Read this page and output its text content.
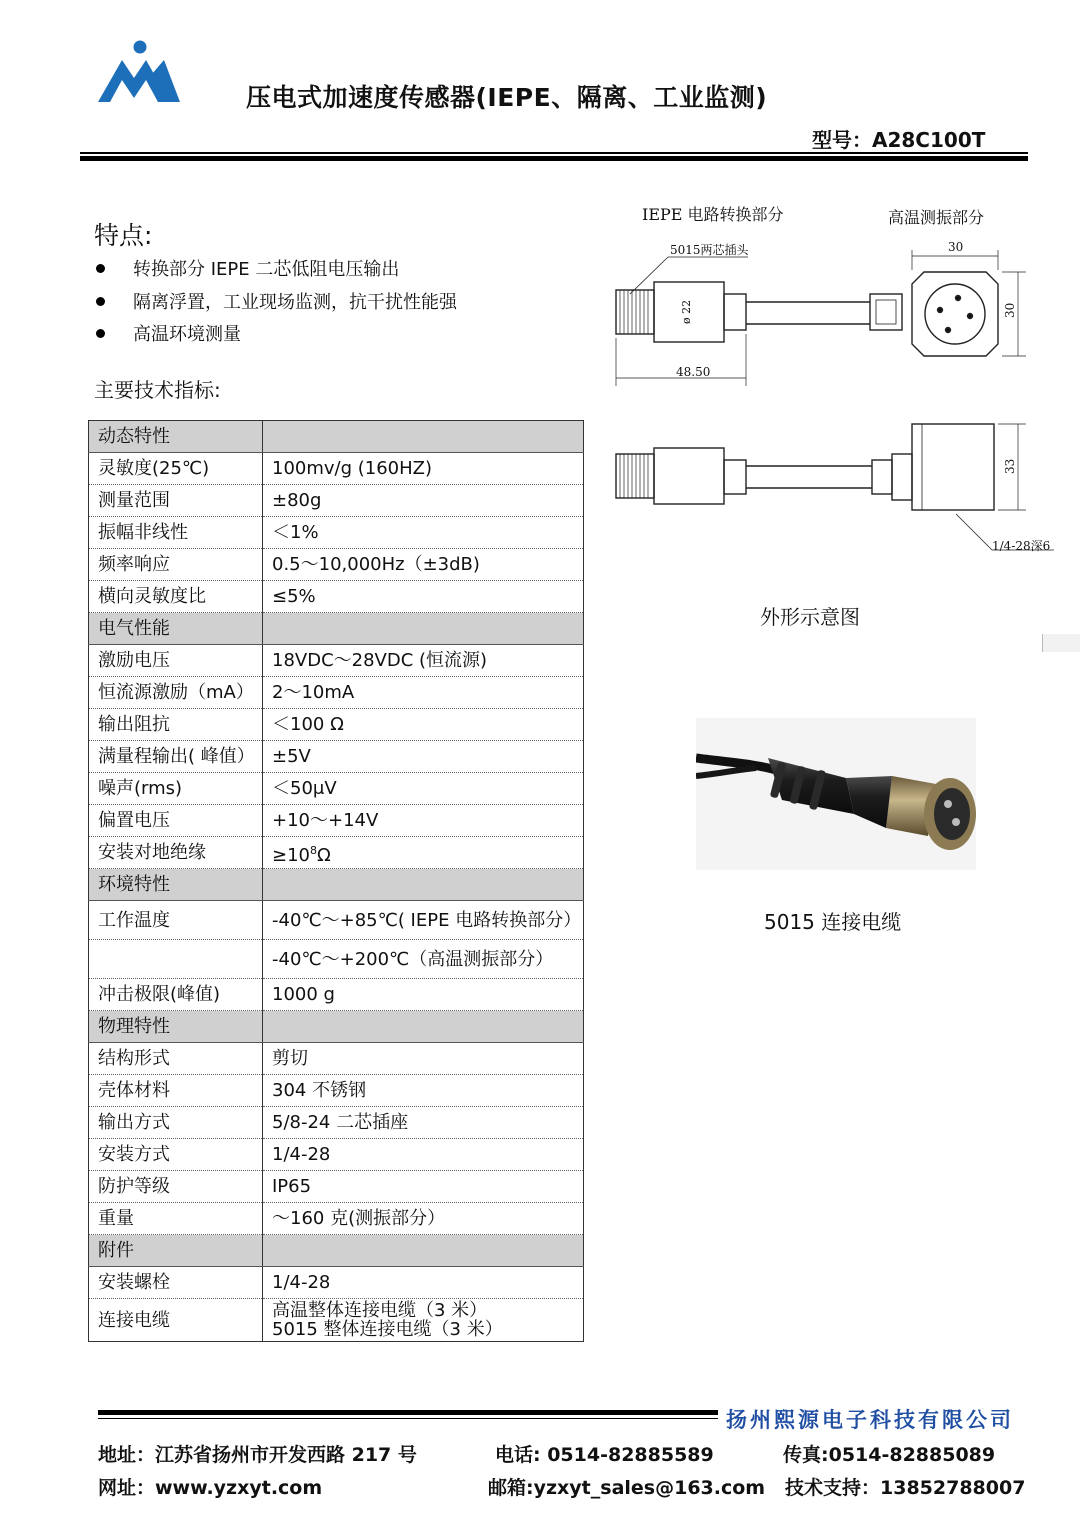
压电式加速度传感器(IEPE、隔离、工业监测)
型号：A28C100T
特点:
转换部分 IEPE 二芯低阻电压输出
隔离浮置，工业现场监测，抗干扰性能强
高温环境测量
主要技术指标:
动态特性	
灵敏度(25℃)	100mv/g (160HZ)
测量范围	±80g
振幅非线性	＜1%
频率响应	0.5～10,000Hz（±3dB)
横向灵敏度比	≤5%
电气性能	
激励电压	18VDC～28VDC (恒流源)
恒流源激励（mA）	2～10mA
输出阻抗	＜100 Ω
满量程输出( 峰值）	±5V
噪声(rms)	＜50μV
偏置电压	+10～+14V
安装对地绝缘	$\ge 10^8\Omega$
环境特性	
工作温度	-40℃～+85℃( IEPE 电路转换部分）
	-40℃～+200℃（高温测振部分）
冲击极限(峰值)	1000 g
物理特性	
结构形式	剪切
壳体材料	304 不锈钢
输出方式	5/8-24 二芯插座
安装方式	1/4-28
防护等级	IP65
重量	～160 克(测振部分）
附件	
安装螺栓	1/4-28
连接电缆	高温整体连接电缆（3 米）
5015 整体连接电缆（3 米）
IEPE 电路转换部分	高温测振部分
5015两芯插头
ø 22
48.50
30
30
33
1/4-28深6
外形示意图
5015 连接电缆
扬州熙源电子科技有限公司
地址：江苏省扬州市开发西路 217 号	电话: 0514-82885589	传真:0514-82885089
网址：www.yzxyt.com	邮箱:yzxyt_sales@163.com 技术支持：13852788007
